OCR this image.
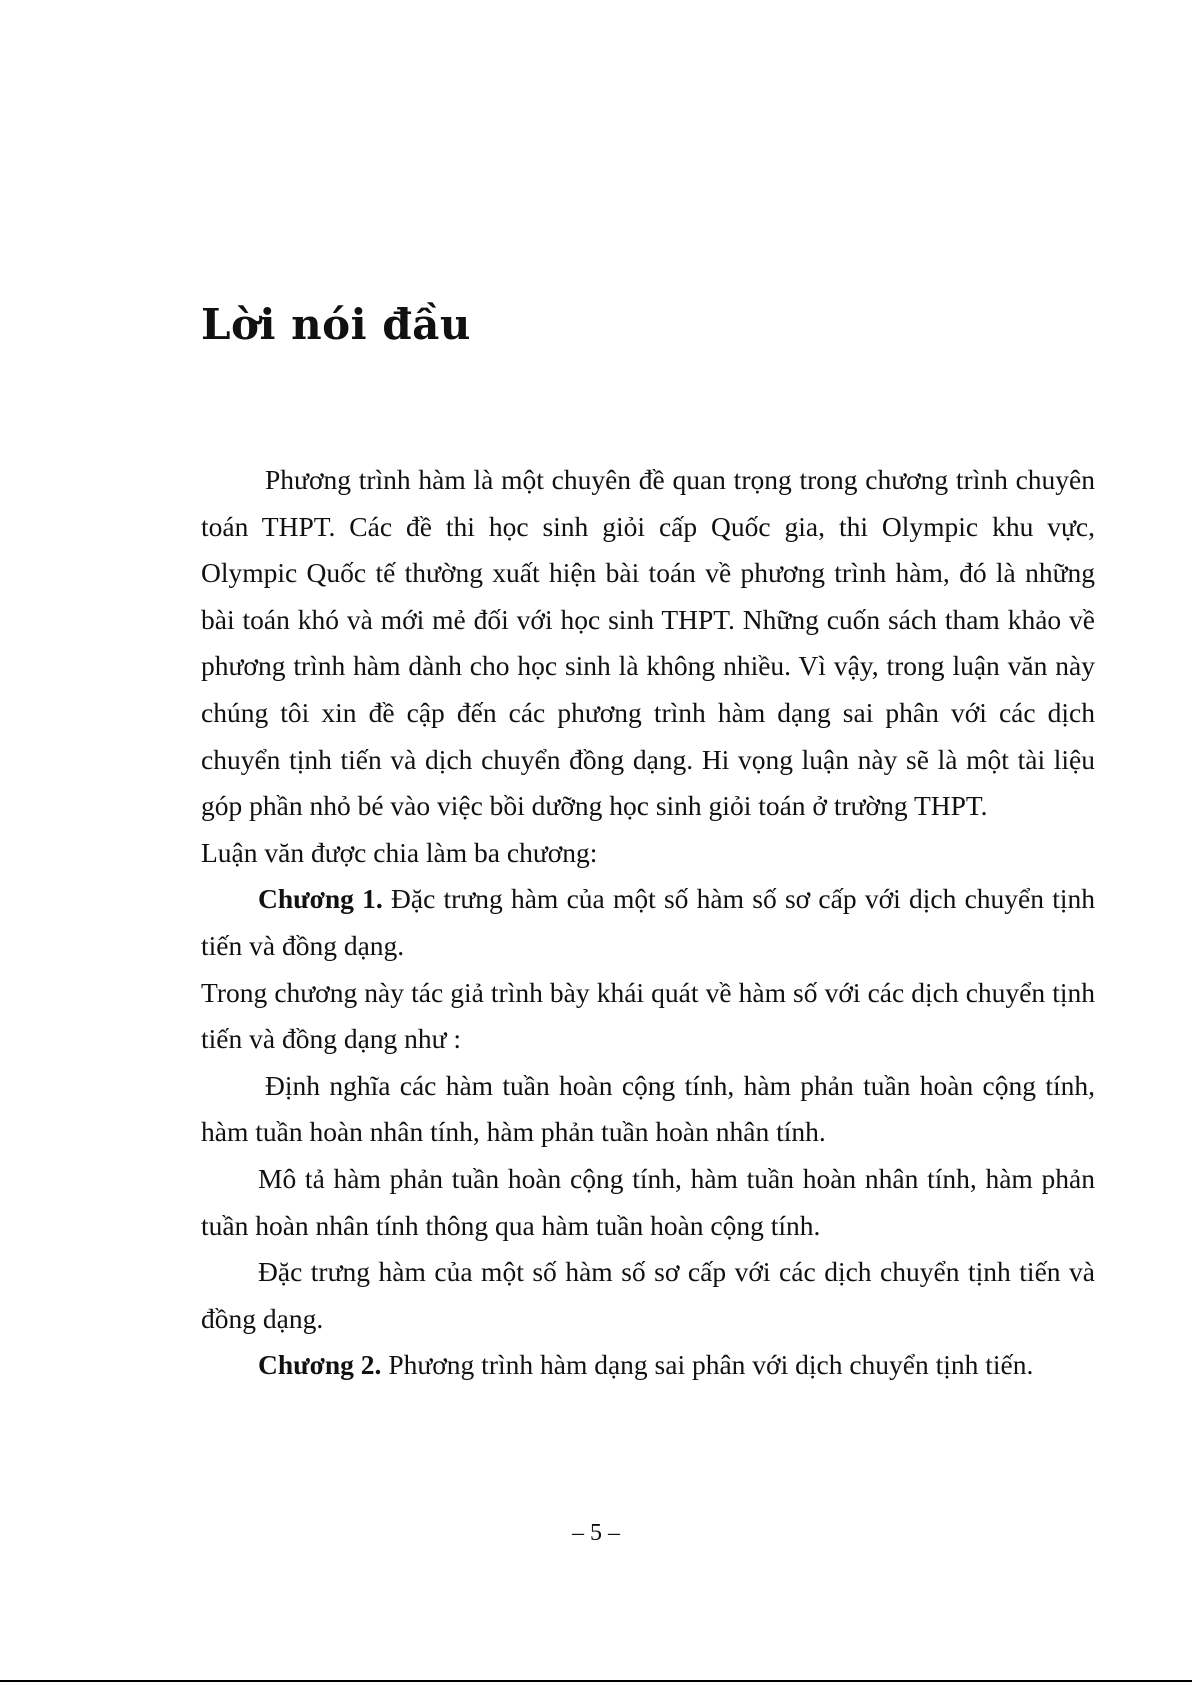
Lời nói đầu

Phương trình hàm là một chuyên đề quan trọng trong chương trình chuyên toán THPT. Các đề thi học sinh giỏi cấp Quốc gia, thi Olympic khu vực, Olympic Quốc tế thường xuất hiện bài toán về phương trình hàm, đó là những bài toán khó và mới mẻ đối với học sinh THPT. Những cuốn sách tham khảo về phương trình hàm dành cho học sinh là không nhiều. Vì vậy, trong luận văn này chúng tôi xin đề cập đến các phương trình hàm dạng sai phân với các dịch chuyển tịnh tiến và dịch chuyển đồng dạng. Hi vọng luận này sẽ là một tài liệu góp phần nhỏ bé vào việc bồi dưỡng học sinh giỏi toán ở trường THPT.

Luận văn được chia làm ba chương:

Chương 1. Đặc trưng hàm của một số hàm số sơ cấp với dịch chuyển tịnh tiến và đồng dạng.

Trong chương này tác giả trình bày khái quát về hàm số với các dịch chuyển tịnh tiến và đồng dạng như :

Định nghĩa các hàm tuần hoàn cộng tính, hàm phản tuần hoàn cộng tính, hàm tuần hoàn nhân tính, hàm phản tuần hoàn nhân tính.

Mô tả hàm phản tuần hoàn cộng tính, hàm tuần hoàn nhân tính, hàm phản tuần hoàn nhân tính thông qua hàm tuần hoàn cộng tính.

Đặc trưng hàm của một số hàm số sơ cấp với các dịch chuyển tịnh tiến và đồng dạng.

Chương 2. Phương trình hàm dạng sai phân với dịch chuyển tịnh tiến.

– 5 –
